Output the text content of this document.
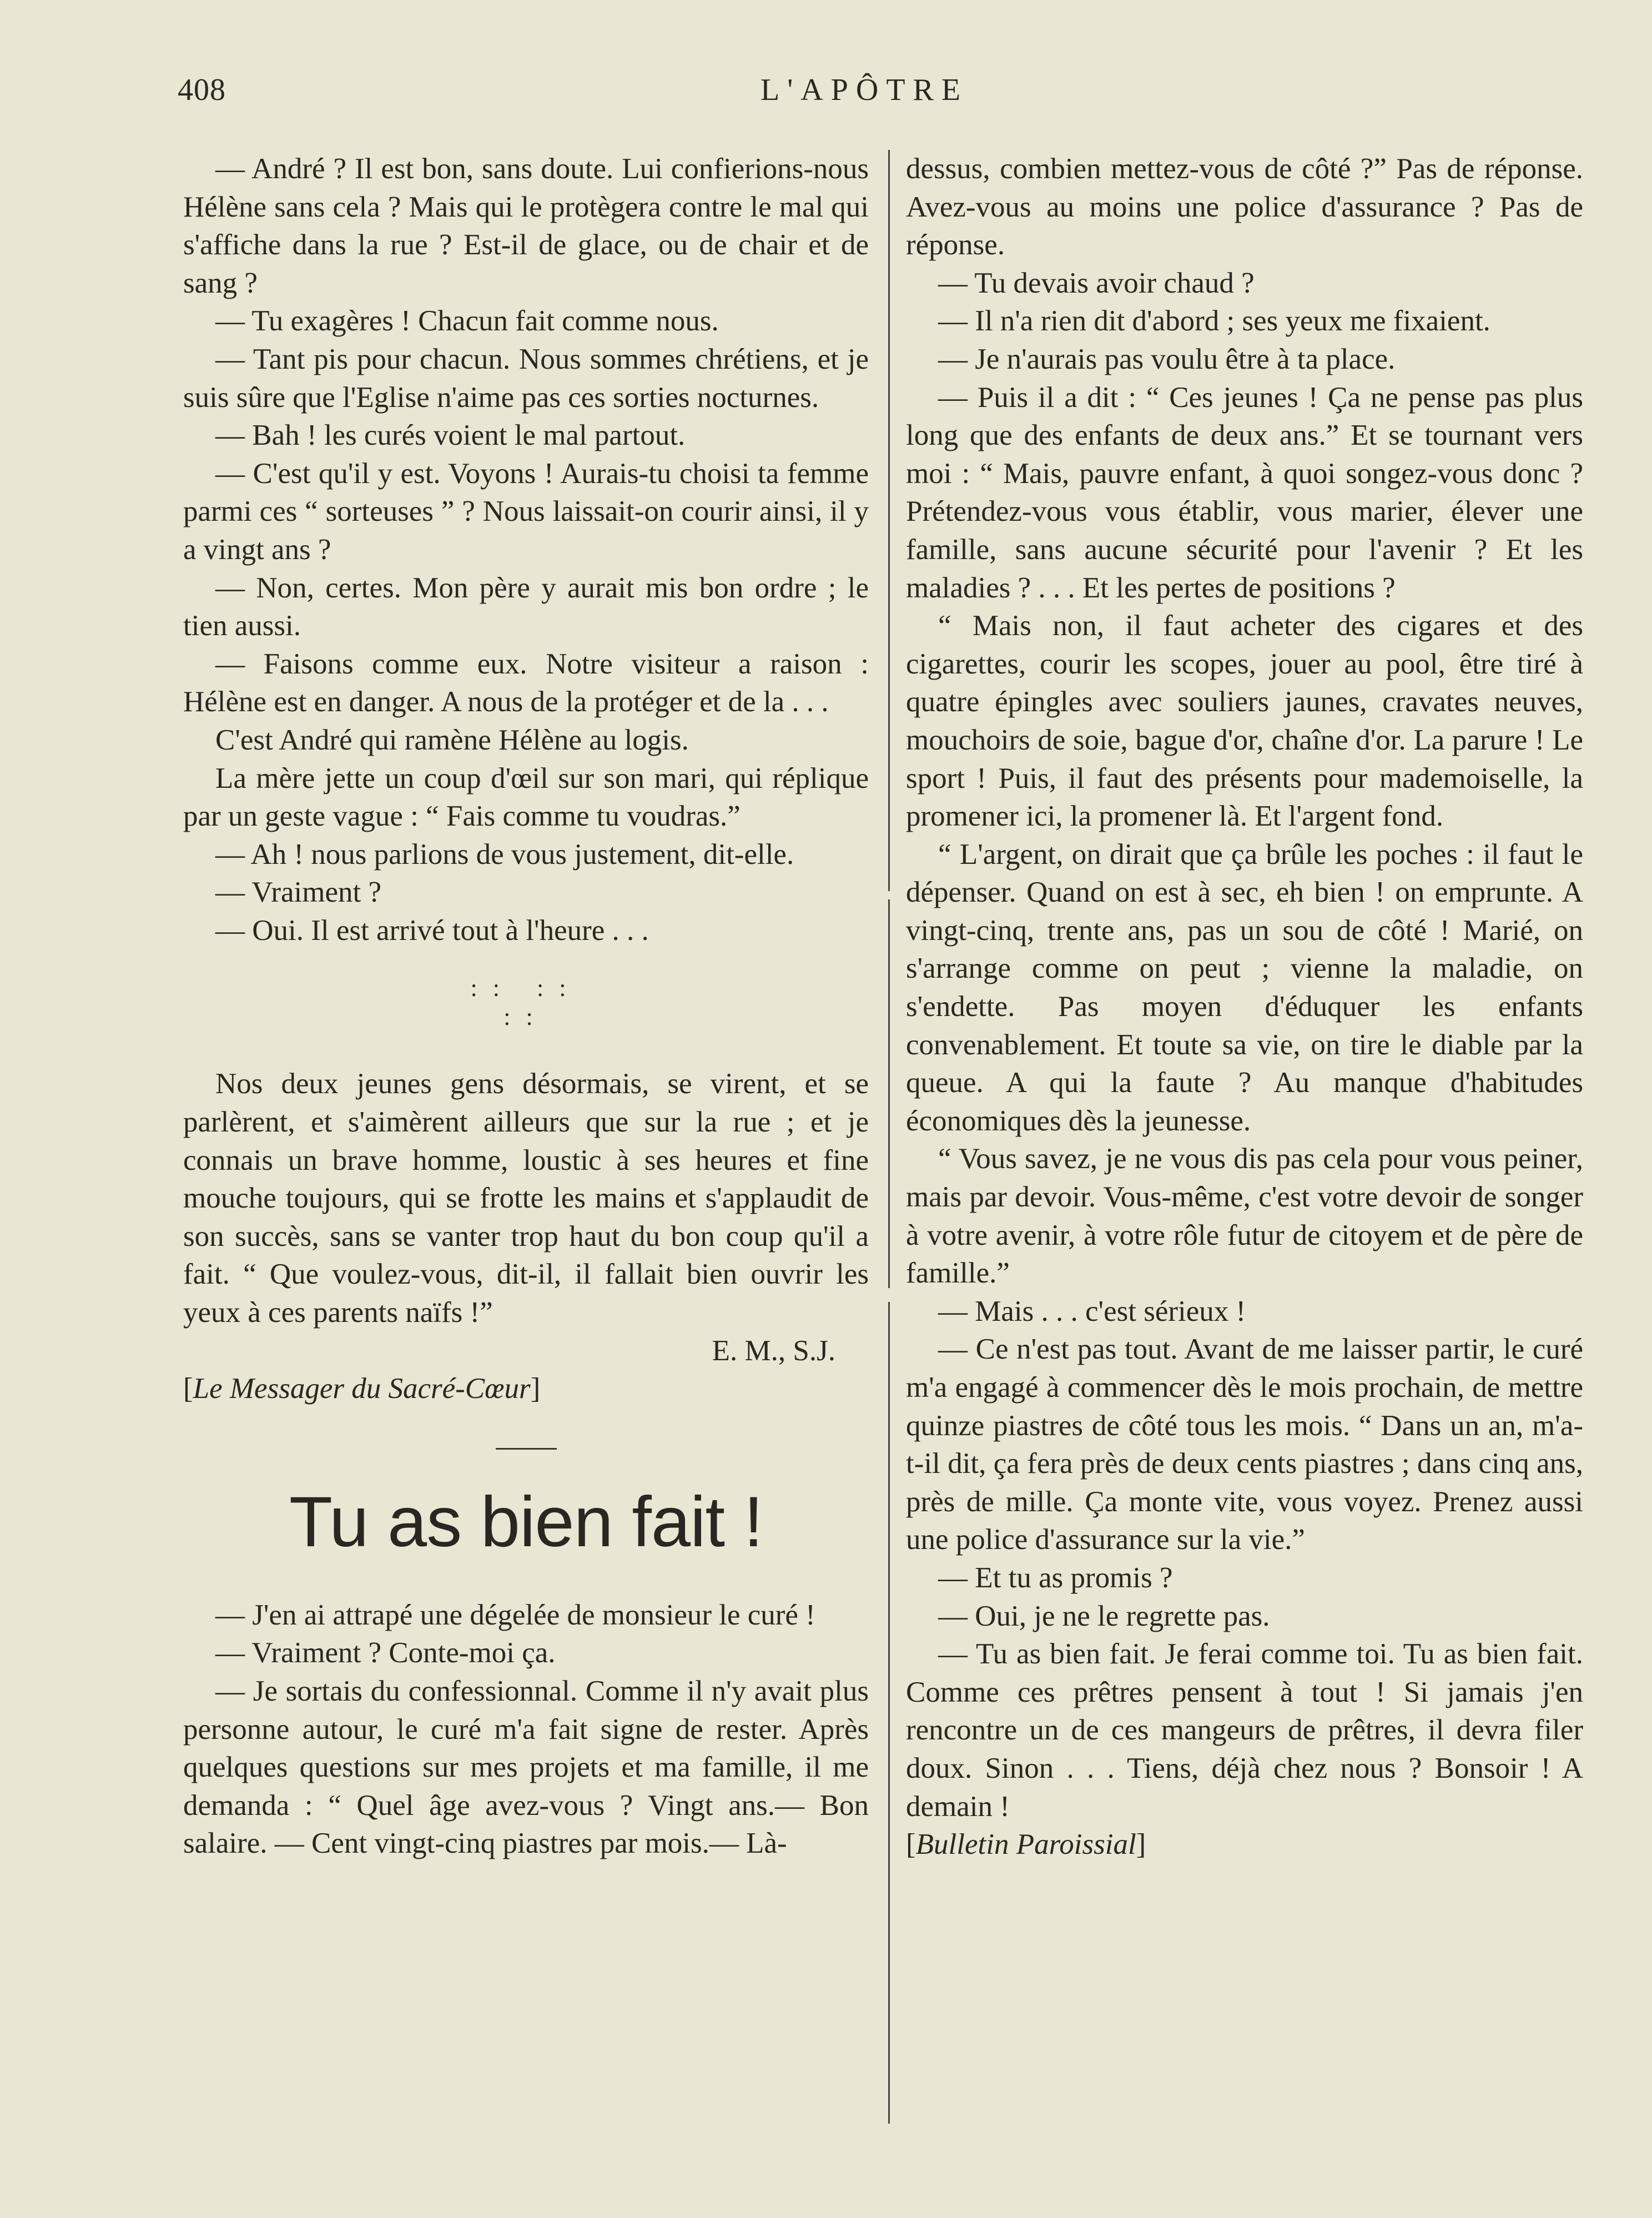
408	L'APÔTRE

— André ? Il est bon, sans doute. Lui confierions-nous Hélène sans cela ? Mais qui le protègera contre le mal qui s'affiche dans la rue ? Est-il de glace, ou de chair et de sang ?

— Tu exagères ! Chacun fait comme nous.

— Tant pis pour chacun. Nous sommes chrétiens, et je suis sûre que l'Eglise n'aime pas ces sorties nocturnes.

— Bah ! les curés voient le mal partout.

— C'est qu'il y est. Voyons ! Aurais-tu choisi ta femme parmi ces “ sorteuses ” ? Nous laissait-on courir ainsi, il y a vingt ans ?

— Non, certes. Mon père y aurait mis bon ordre ; le tien aussi.

— Faisons comme eux. Notre visiteur a raison : Hélène est en danger. A nous de la protéger et de la . . .

C'est André qui ramène Hélène au logis.

La mère jette un coup d'œil sur son mari, qui réplique par un geste vague : “ Fais comme tu voudras.”

— Ah ! nous parlions de vous justement, dit-elle.

— Vraiment ?

— Oui. Il est arrivé tout à l'heure . . .

:: ::
::

Nos deux jeunes gens désormais, se virent, et se parlèrent, et s'aimèrent ailleurs que sur la rue ; et je connais un brave homme, loustic à ses heures et fine mouche toujours, qui se frotte les mains et s'applaudit de son succès, sans se vanter trop haut du bon coup qu'il a fait. “ Que voulez-vous, dit-il, il fallait bien ouvrir les yeux à ces parents naïfs !”

E. M., S.J.

[Le Messager du Sacré-Cœur]

Tu as bien fait !

— J'en ai attrapé une dégelée de monsieur le curé !

— Vraiment ? Conte-moi ça.

— Je sortais du confessionnal. Comme il n'y avait plus personne autour, le curé m'a fait signe de rester. Après quelques questions sur mes projets et ma famille, il me demanda : “ Quel âge avez-vous ? Vingt ans.— Bon salaire. — Cent vingt-cinq piastres par mois.— Là-

dessus, combien mettez-vous de côté ?” Pas de réponse. Avez-vous au moins une police d'assurance ? Pas de réponse.

— Tu devais avoir chaud ?

— Il n'a rien dit d'abord ; ses yeux me fixaient.

— Je n'aurais pas voulu être à ta place.

— Puis il a dit : “ Ces jeunes ! Ça ne pense pas plus long que des enfants de deux ans.” Et se tournant vers moi : “ Mais, pauvre enfant, à quoi songez-vous donc ? Prétendez-vous vous établir, vous marier, élever une famille, sans aucune sécurité pour l'avenir ? Et les maladies ? . . . Et les pertes de positions ?

“ Mais non, il faut acheter des cigares et des cigarettes, courir les scopes, jouer au pool, être tiré à quatre épingles avec souliers jaunes, cravates neuves, mouchoirs de soie, bague d'or, chaîne d'or. La parure ! Le sport ! Puis, il faut des présents pour mademoiselle, la promener ici, la promener là. Et l'argent fond.

“ L'argent, on dirait que ça brûle les poches : il faut le dépenser. Quand on est à sec, eh bien ! on emprunte. A vingt-cinq, trente ans, pas un sou de côté ! Marié, on s'arrange comme on peut ; vienne la maladie, on s'endette. Pas moyen d'éduquer les enfants convenablement. Et toute sa vie, on tire le diable par la queue. A qui la faute ? Au manque d'habitudes économiques dès la jeunesse.

“ Vous savez, je ne vous dis pas cela pour vous peiner, mais par devoir. Vous-même, c'est votre devoir de songer à votre avenir, à votre rôle futur de citoyem et de père de famille.”

— Mais . . . c'est sérieux !

— Ce n'est pas tout. Avant de me laisser partir, le curé m'a engagé à commencer dès le mois prochain, de mettre quinze piastres de côté tous les mois. “ Dans un an, m'a-t-il dit, ça fera près de deux cents piastres ; dans cinq ans, près de mille. Ça monte vite, vous voyez. Prenez aussi une police d'assurance sur la vie.”

— Et tu as promis ?

— Oui, je ne le regrette pas.

— Tu as bien fait. Je ferai comme toi. Tu as bien fait. Comme ces prêtres pensent à tout ! Si jamais j'en rencontre un de ces mangeurs de prêtres, il devra filer doux. Sinon . . . Tiens, déjà chez nous ? Bonsoir ! A demain !

[Bulletin Paroissial]
